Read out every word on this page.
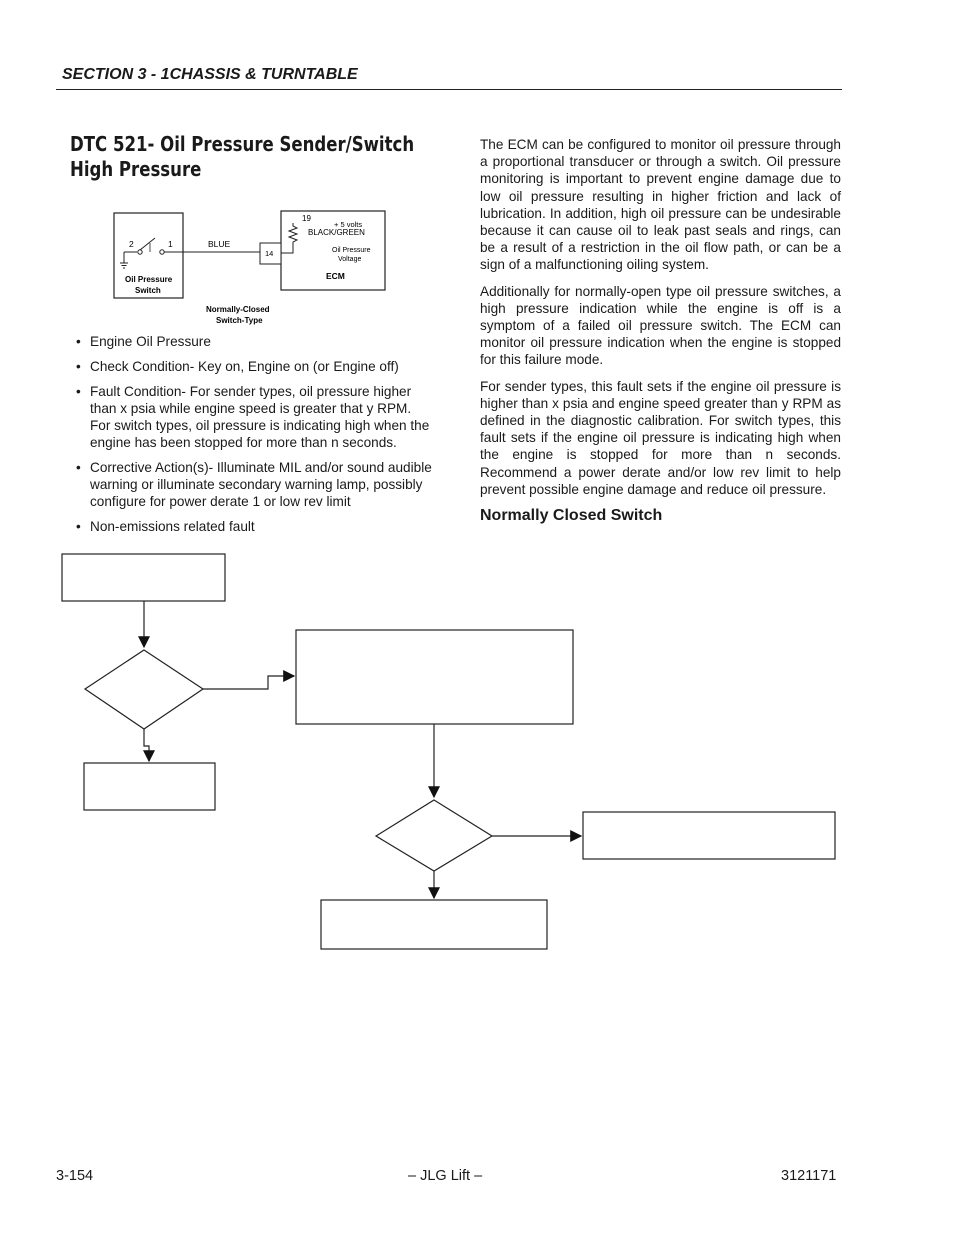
SECTION 3 - 1CHASSIS & TURNTABLE
DTC 521- Oil Pressure Sender/Switch High Pressure
2	1
Oil Pressure
Switch
BLUE
14
19
+ 5 volts
BLACK/GREEN
Oil Pressure
Voltage
ECM
Normally-Closed
Switch-Type
• Engine Oil Pressure
• Check Condition- Key on, Engine on (or Engine off)
• Fault Condition- For sender types, oil pressure higher than x psia while engine speed is greater that y RPM. For switch types, oil pressure is indicating high when the engine has been stopped for more than n seconds.
• Corrective Action(s)- Illuminate MIL and/or sound audible warning or illuminate secondary warning lamp, possibly configure for power derate 1 or low rev limit
• Non-emissions related fault

The ECM can be configured to monitor oil pressure through a proportional transducer or through a switch. Oil pressure monitoring is important to prevent engine damage due to low oil pressure resulting in higher friction and lack of lubrication. In addition, high oil pressure can be undesirable because it can cause oil to leak past seals and rings, can be a result of a restriction in the oil flow path, or can be a sign of a malfunctioning oiling system.

Additionally for normally-open type oil pressure switches, a high pressure indication while the engine is off is a symptom of a failed oil pressure switch. The ECM can monitor oil pressure indication when the engine is stopped for this failure mode.

For sender types, this fault sets if the engine oil pressure is higher than x psia and engine speed greater than y RPM as defined in the diagnostic calibration. For switch types, this fault sets if the engine oil pressure is indicating high when the engine is stopped for more than n seconds. Recommend a power derate and/or low rev limit to help prevent possible engine damage and reduce oil pressure.

Normally Closed Switch
3-154	– JLG Lift –	3121171
